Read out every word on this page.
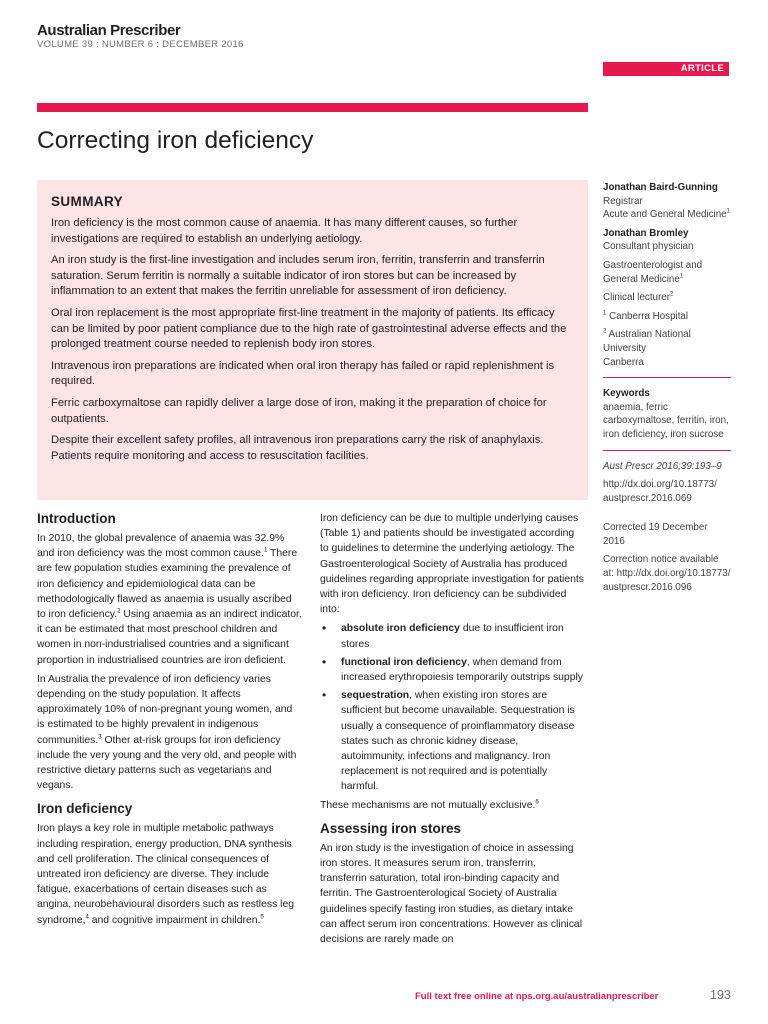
Australian Prescriber
VOLUME 39 : NUMBER 6 : DECEMBER 2016
ARTICLE
Correcting iron deficiency
SUMMARY

Iron deficiency is the most common cause of anaemia. It has many different causes, so further investigations are required to establish an underlying aetiology.

An iron study is the first-line investigation and includes serum iron, ferritin, transferrin and transferrin saturation. Serum ferritin is normally a suitable indicator of iron stores but can be increased by inflammation to an extent that makes the ferritin unreliable for assessment of iron deficiency.

Oral iron replacement is the most appropriate first-line treatment in the majority of patients. Its efficacy can be limited by poor patient compliance due to the high rate of gastrointestinal adverse effects and the prolonged treatment course needed to replenish body iron stores.

Intravenous iron preparations are indicated when oral iron therapy has failed or rapid replenishment is required.

Ferric carboxymaltose can rapidly deliver a large dose of iron, making it the preparation of choice for outpatients.

Despite their excellent safety profiles, all intravenous iron preparations carry the risk of anaphylaxis. Patients require monitoring and access to resuscitation facilities.

Jonathan Baird-Gunning
Registrar
Acute and General Medicine$^1$
Jonathan Bromley
Consultant physician
Gastroenterologist and General Medicine$^1$
Clinical lecturer$^2$
$^1$ Canberra Hospital
$^2$ Australian National University
Canberra
Keywords
anaemia, ferric carboxymaltose, ferritin, iron, iron deficiency, iron sucrose
Aust Prescr 2016;39:193–9
http://dx.doi.org/10.18773/ austprescr.2016.069
Corrected 19 December 2016
Correction notice available at: http://dx.doi.org/10.18773/ austprescr.2016.096
Introduction

In 2010, the global prevalence of anaemia was 32.9% and iron deficiency was the most common cause.$^1$ There are few population studies examining the prevalence of iron deficiency and epidemiological data can be methodologically flawed as anaemia is usually ascribed to iron deficiency.$^2$ Using anaemia as an indirect indicator, it can be estimated that most preschool children and women in non-industrialised countries and a significant proportion in industrialised countries are iron deficient.

In Australia the prevalence of iron deficiency varies depending on the study population. It affects approximately 10% of non-pregnant young women, and is estimated to be highly prevalent in indigenous communities.$^3$ Other at-risk groups for iron deficiency include the very young and the very old, and people with restrictive dietary patterns such as vegetarians and vegans.

Iron deficiency

Iron plays a key role in multiple metabolic pathways including respiration, energy production, DNA synthesis and cell proliferation. The clinical consequences of untreated iron deficiency are diverse. They include fatigue, exacerbations of certain diseases such as angina, neurobehavioural disorders such as restless leg syndrome,$^4$ and cognitive impairment in children.$^5$

Iron deficiency can be due to multiple underlying causes (Table 1) and patients should be investigated according to guidelines to determine the underlying aetiology. The Gastroenterological Society of Australia has produced guidelines regarding appropriate investigation for patients with iron deficiency. Iron deficiency can be subdivided into:

• absolute iron deficiency due to insufficient iron stores
• functional iron deficiency, when demand from increased erythropoiesis temporarily outstrips supply
• sequestration, when existing iron stores are sufficient but become unavailable. Sequestration is usually a consequence of proinflammatory disease states such as chronic kidney disease, autoimmunity, infections and malignancy. Iron replacement is not required and is potentially harmful.

These mechanisms are not mutually exclusive.$^6$

Assessing iron stores

An iron study is the investigation of choice in assessing iron stores. It measures serum iron, transferrin, transferrin saturation, total iron-binding capacity and ferritin. The Gastroenterological Society of Australia guidelines specify fasting iron studies, as dietary intake can affect serum iron concentrations. However as clinical decisions are rarely made on

Full text free online at nps.org.au/australianprescriber	193
